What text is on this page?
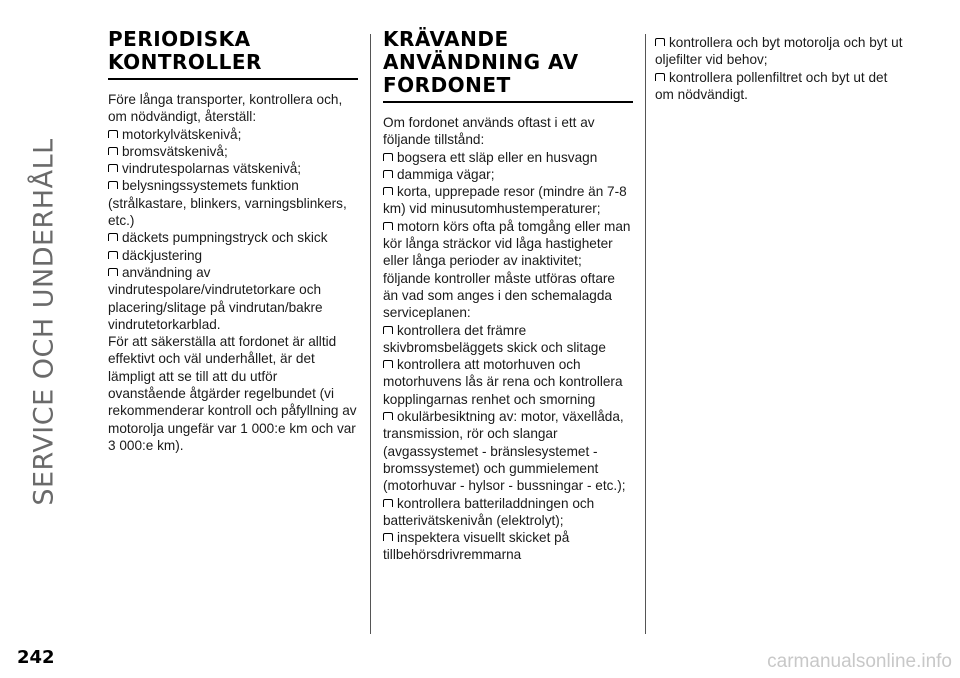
SERVICE OCH UNDERHÅLL
PERIODISKA
KONTROLLER

Före långa transporter, kontrollera och, om nödvändigt, återställ:

motorkylvätskenivå;

bromsvätskenivå;

vindrutespolarnas vätskenivå;

belysningssystemets funktion (strålkastare, blinkers, varningsblinkers, etc.)

däckets pumpningstryck och skick

däckjustering

användning av vindrutespolare/vindrutetorkare och placering/slitage på vindrutan/bakre vindrutetorkarblad.

För att säkerställa att fordonet är alltid effektivt och väl underhållet, är det lämpligt att se till att du utför ovanstående åtgärder regelbundet (vi rekommenderar kontroll och påfyllning av motorolja ungefär var 1 000:e km och var 3 000:e km).

KRÄVANDE
ANVÄNDNING AV
FORDONET

Om fordonet används oftast i ett av följande tillstånd:

bogsera ett släp eller en husvagn

dammiga vägar;

korta, upprepade resor (mindre än 7-8 km) vid minusutomhustemperaturer;

motorn körs ofta på tomgång eller man kör långa sträckor vid låga hastigheter eller långa perioder av inaktivitet;

följande kontroller måste utföras oftare än vad som anges i den schemalagda serviceplanen:

kontrollera det främre skivbromsbeläggets skick och slitage

kontrollera att motorhuven och motorhuvens lås är rena och kontrollera kopplingarnas renhet och smorning

okulärbesiktning av: motor, växellåda, transmission, rör och slangar (avgassystemet - bränslesystemet - bromssystemet) och gummielement (motorhuvar - hylsor - bussningar - etc.);

kontrollera batteriladdningen och batterivätskenivån (elektrolyt);

inspektera visuellt skicket på tillbehörsdrivremmarna

kontrollera och byt motorolja och byt ut oljefilter vid behov;

kontrollera pollenfiltret och byt ut det om nödvändigt.

242	carmanualsonline.info
